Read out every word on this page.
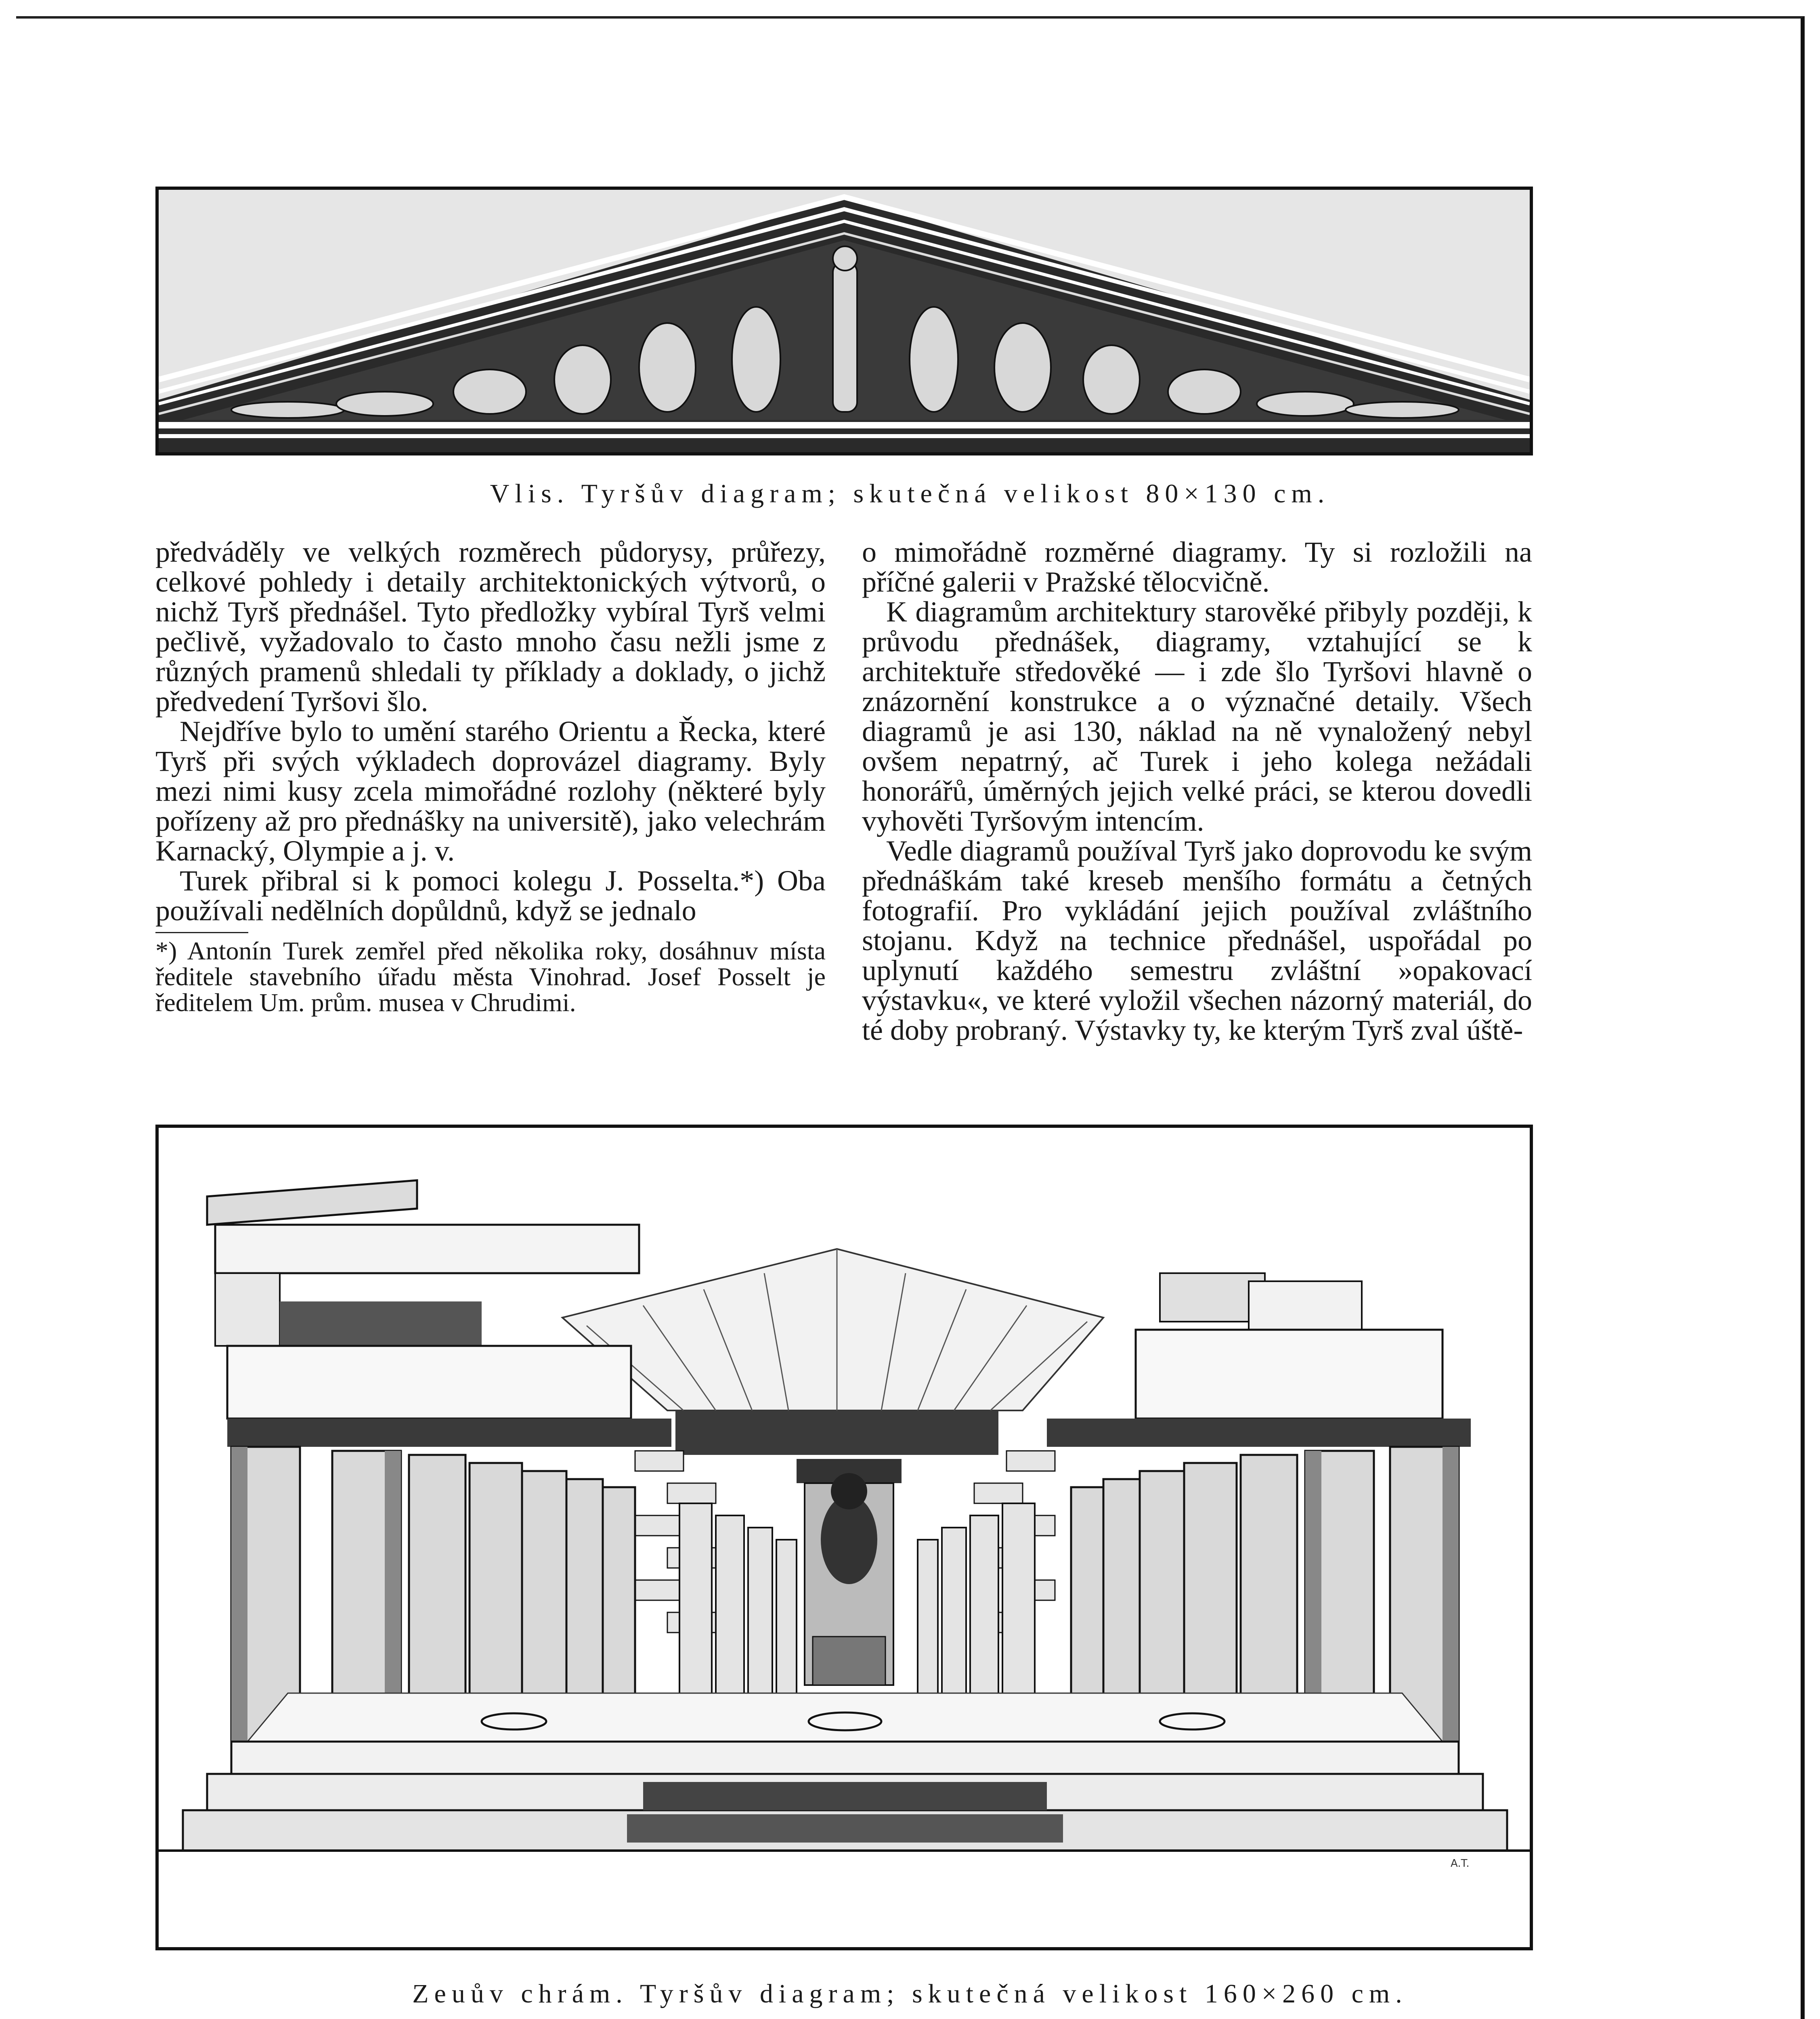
Vlis. Tyršův diagram; skutečná velikost 80×130 cm.

předváděly ve velkých rozměrech půdorysy, průřezy, celkové pohledy i detaily architektonických výtvorů, o nichž Tyrš přednášel. Tyto předložky vybíral Tyrš velmi pečlivě, vyžadovalo to často mnoho času nežli jsme z různých pramenů shledali ty příklady a doklady, o jichž předvedení Tyršovi šlo.

Nejdříve bylo to umění starého Orientu a Řecka, které Tyrš při svých výkladech doprovázel diagramy. Byly mezi nimi kusy zcela mimořádné rozlohy (některé byly pořízeny až pro přednášky na universitě), jako velechrám Karnacký, Olympie a j. v.

Turek přibral si k pomoci kolegu J. Posselta.*) Oba používali nedělních dopůldnů, když se jednalo

*) Antonín Turek zemřel před několika roky, dosáhnuv místa ředitele stavebního úřadu města Vinohrad. Josef Posselt je ředitelem Um. prům. musea v Chrudimi.

o mimořádně rozměrné diagramy. Ty si rozložili na příčné galerii v Pražské tělocvičně.

K diagramům architektury starověké přibyly později, k průvodu přednášek, diagramy, vztahující se k architektuře středověké — i zde šlo Tyršovi hlavně o znázornění konstrukce a o význačné detaily. Všech diagramů je asi 130, náklad na ně vynaložený nebyl ovšem nepatrný, ač Turek i jeho kolega nežádali honorářů, úměrných jejich velké práci, se kterou dovedli vyhověti Tyršovým intencím.

Vedle diagramů používal Tyrš jako doprovodu ke svým přednáškám také kreseb menšího formátu a četných fotografií. Pro vykládání jejich používal zvláštního stojanu. Když na technice přednášel, uspořádal po uplynutí každého semestru zvláštní »opakovací výstavku«, ve které vyložil všechen názorný materiál, do té doby probraný. Výstavky ty, ke kterým Tyrš zval úště-

A.T.
Zeuův chrám. Tyršův diagram; skutečná velikost 160×260 cm.
